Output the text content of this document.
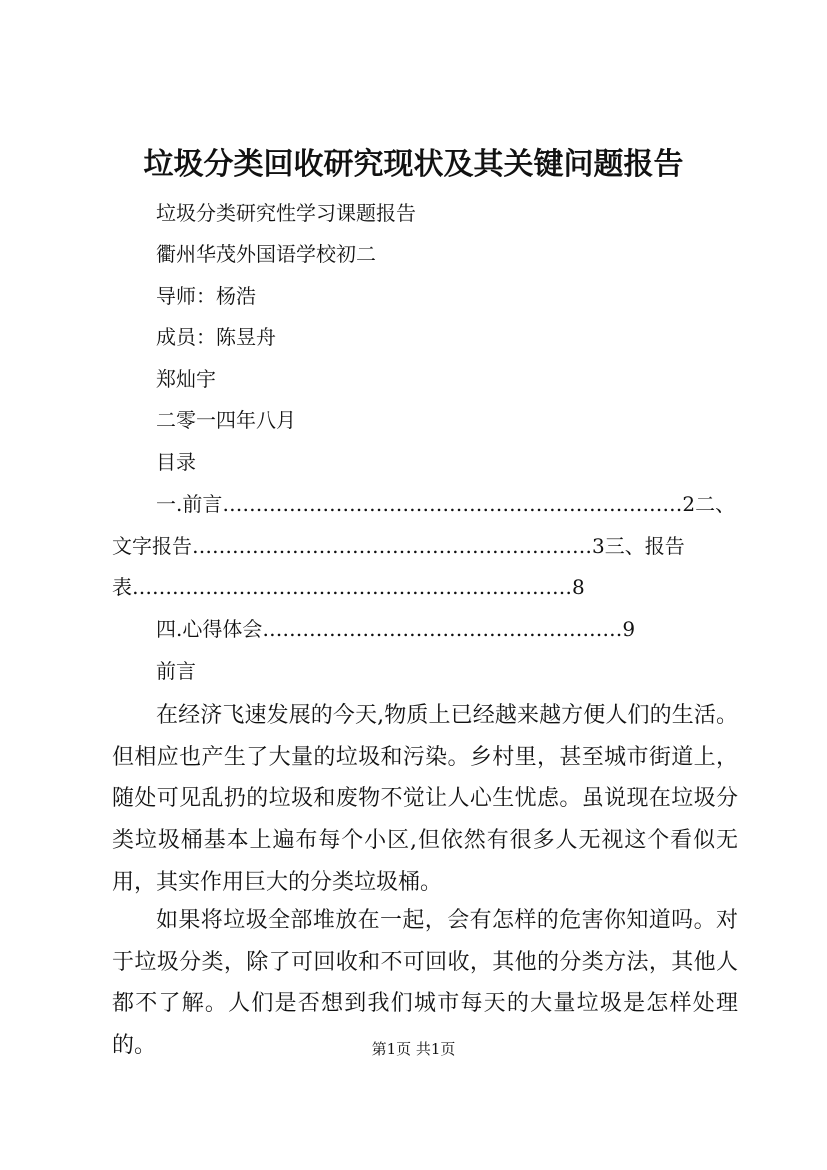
垃圾分类回收研究现状及其关键问题报告
垃圾分类研究性学习课题报告
衢州华茂外国语学校初二
导师：杨浩
成员：陈昱舟
郑灿宇
二零一四年八月
目录
一.前言……………………………………………………………2二、
文字报告……………………………………………………3三、报告
表…………………………………………………………8
四.心得体会………………………………………………9
前言
在经济飞速发展的今天,物质上已经越来越方便人们的生活。但相应也产生了大量的垃圾和污染。乡村里，甚至城市街道上，随处可见乱扔的垃圾和废物不觉让人心生忧虑。虽说现在垃圾分类垃圾桶基本上遍布每个小区,但依然有很多人无视这个看似无用，其实作用巨大的分类垃圾桶。
如果将垃圾全部堆放在一起，会有怎样的危害你知道吗。对于垃圾分类，除了可回收和不可回收，其他的分类方法，其他人都不了解。人们是否想到我们城市每天的大量垃圾是怎样处理的。	第1页 共1页
